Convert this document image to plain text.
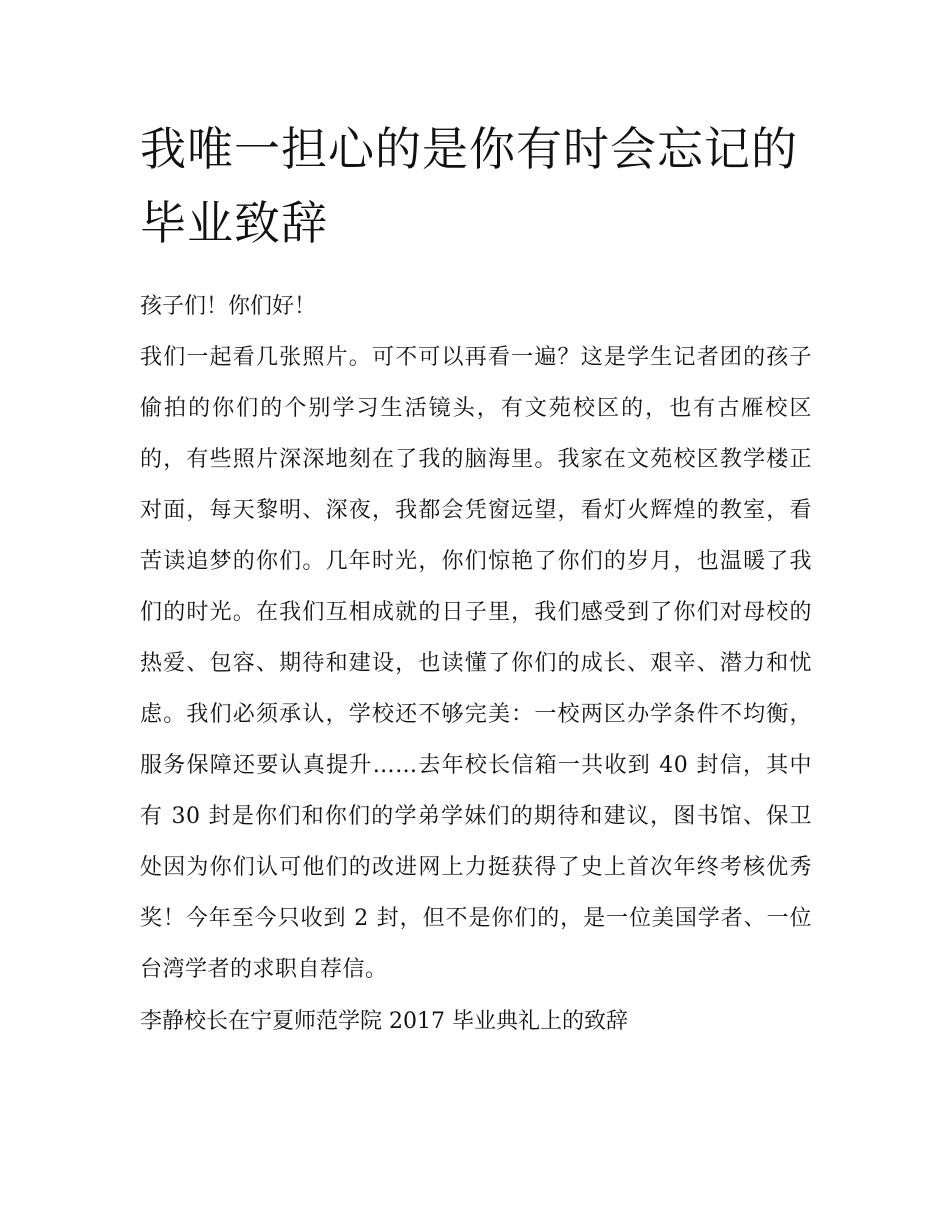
我唯一担心的是你有时会忘记的毕业致辞

孩子们！你们好！

我们一起看几张照片。可不可以再看一遍？这是学生记者团的孩子偷拍的你们的个别学习生活镜头，有文苑校区的，也有古雁校区的，有些照片深深地刻在了我的脑海里。我家在文苑校区教学楼正对面，每天黎明、深夜，我都会凭窗远望，看灯火辉煌的教室，看苦读追梦的你们。几年时光，你们惊艳了你们的岁月，也温暖了我们的时光。在我们互相成就的日子里，我们感受到了你们对母校的热爱、包容、期待和建设，也读懂了你们的成长、艰辛、潜力和忧虑。我们必须承认，学校还不够完美：一校两区办学条件不均衡，服务保障还要认真提升……去年校长信箱一共收到 40 封信，其中有 30 封是你们和你们的学弟学妹们的期待和建议，图书馆、保卫处因为你们认可他们的改进网上力挺获得了史上首次年终考核优秀奖！今年至今只收到 2 封，但不是你们的，是一位美国学者、一位台湾学者的求职自荐信。

李静校长在宁夏师范学院 2017 毕业典礼上的致辞
